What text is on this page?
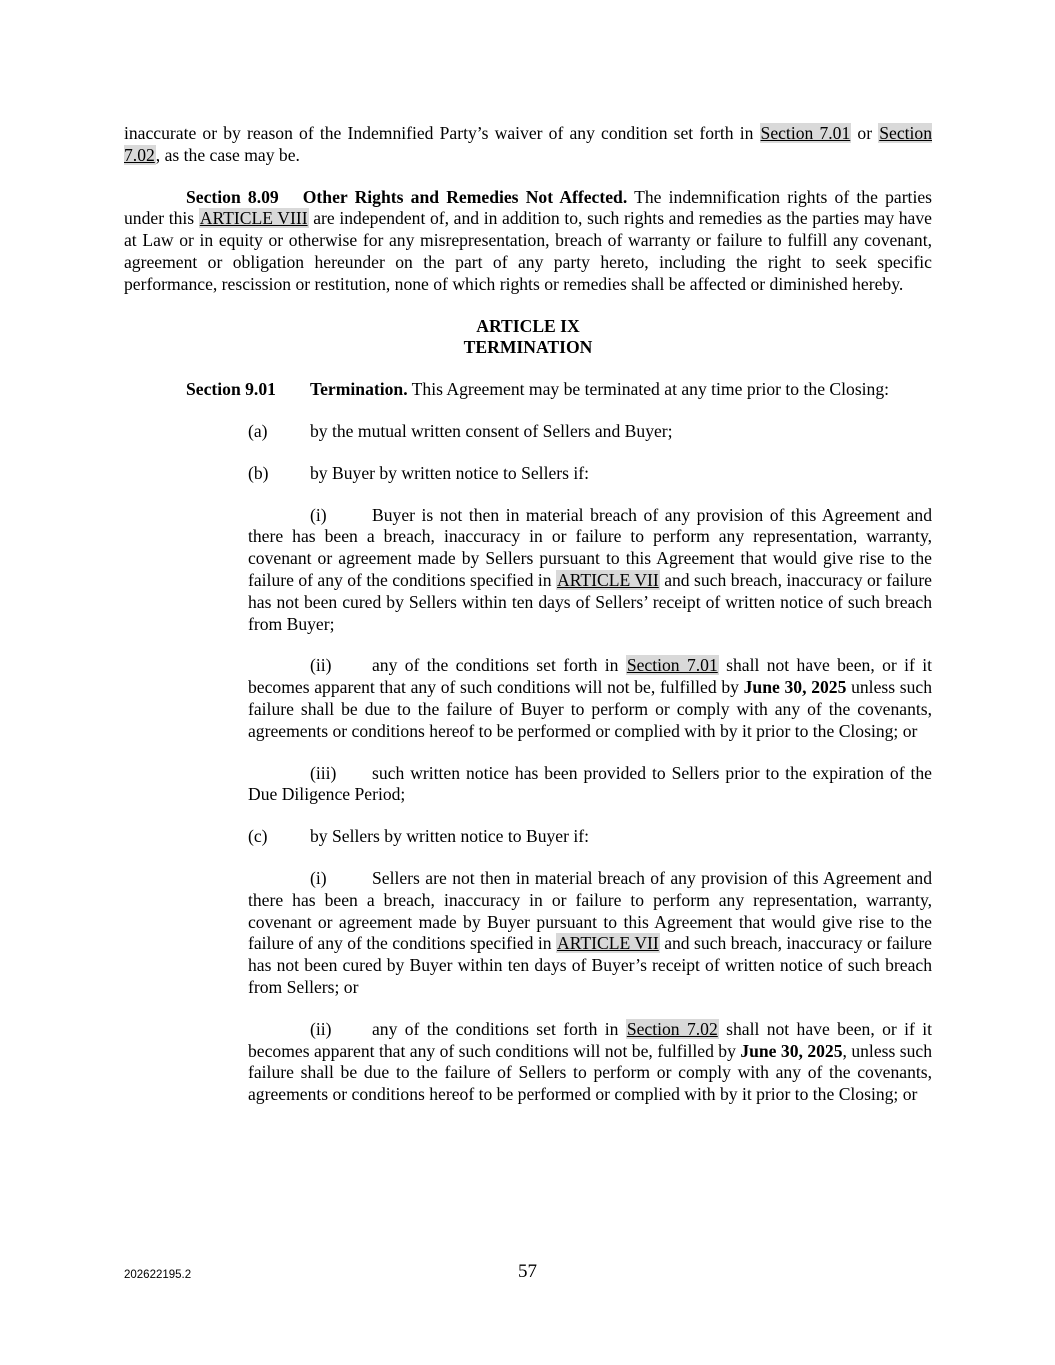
inaccurate or by reason of the Indemnified Party’s waiver of any condition set forth in Section 7.01 or Section 7.02, as the case may be.

Section 8.09 Other Rights and Remedies Not Affected. The indemnification rights of the parties under this ARTICLE VIII are independent of, and in addition to, such rights and remedies as the parties may have at Law or in equity or otherwise for any misrepresentation, breach of warranty or failure to fulfill any covenant, agreement or obligation hereunder on the part of any party hereto, including the right to seek specific performance, rescission or restitution, none of which rights or remedies shall be affected or diminished hereby.

ARTICLE IX
TERMINATION

Section 9.01 Termination. This Agreement may be terminated at any time prior to the Closing:

(a)	by the mutual written consent of Sellers and Buyer;
(b)	by Buyer by written notice to Sellers if:

(i)	Buyer is not then in material breach of any provision of this Agreement and there has been a breach, inaccuracy in or failure to perform any representation, warranty, covenant or agreement made by Sellers pursuant to this Agreement that would give rise to the failure of any of the conditions specified in ARTICLE VII and such breach, inaccuracy or failure has not been cured by Sellers within ten days of Sellers’ receipt of written notice of such breach from Buyer;

(ii) any of the conditions set forth in Section 7.01 shall not have been, or if it becomes apparent that any of such conditions will not be, fulfilled by June 30, 2025 unless such failure shall be due to the failure of Buyer to perform or comply with any of the covenants, agreements or conditions hereof to be performed or complied with by it prior to the Closing; or

(iii) such written notice has been provided to Sellers prior to the expiration of the Due Diligence Period;

(c)	by Sellers by written notice to Buyer if:

(i)	Sellers are not then in material breach of any provision of this Agreement and there has been a breach, inaccuracy in or failure to perform any representation, warranty, covenant or agreement made by Buyer pursuant to this Agreement that would give rise to the failure of any of the conditions specified in ARTICLE VII and such breach, inaccuracy or failure has not been cured by Buyer within ten days of Buyer’s receipt of written notice of such breach from Sellers; or

(ii) any of the conditions set forth in Section 7.02 shall not have been, or if it becomes apparent that any of such conditions will not be, fulfilled by June 30, 2025, unless such failure shall be due to the failure of Sellers to perform or comply with any of the covenants, agreements or conditions hereof to be performed or complied with by it prior to the Closing; or

202622195.2	57
